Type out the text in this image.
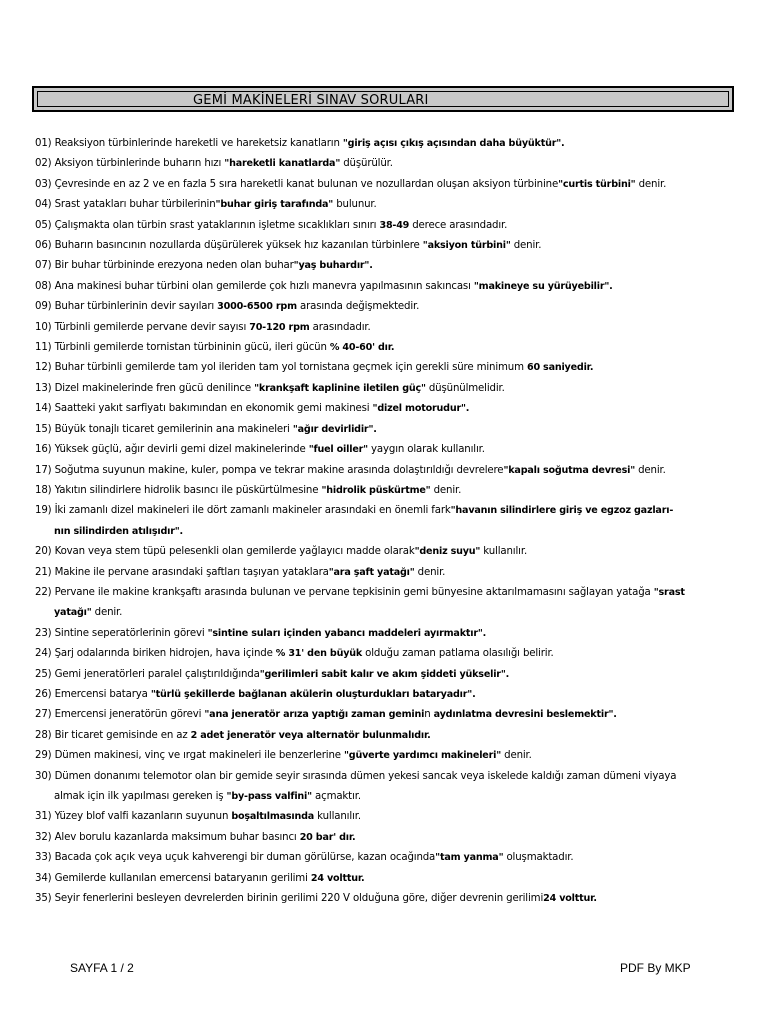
GEMİ MAKİNELERİ SINAV SORULARI
01) Reaksiyon türbinlerinde hareketli ve hareketsiz kanatların "giriş açısı çıkış açısından daha büyüktür".
02) Aksiyon türbinlerinde buharın hızı "hareketli kanatlarda" düşürülür.
03) Çevresinde en az 2 ve en fazla 5 sıra hareketli kanat bulunan ve nozullardan oluşan aksiyon türbinine"curtis türbini" denir.
04) Srast yatakları buhar türbilerinin"buhar giriş tarafında" bulunur.
05) Çalışmakta olan türbin srast yataklarının işletme sıcaklıkları sınırı 38-49 derece arasındadır.
06) Buharın basıncının nozullarda düşürülerek yüksek hız kazanılan türbinlere "aksiyon türbini" denir.
07) Bir buhar türbininde erezyona neden olan buhar"yaş buhardır".
08) Ana makinesi buhar türbini olan gemilerde çok hızlı manevra yapılmasının sakıncası "makineye su yürüyebilir".
09) Buhar türbinlerinin devir sayıları 3000-6500 rpm arasında değişmektedir.
10) Türbinli gemilerde pervane devir sayısı 70-120 rpm arasındadır.
11) Türbinli gemilerde tornistan türbininin gücü, ileri gücün % 40-60' dır.
12) Buhar türbinli gemilerde tam yol ileriden tam yol tornistana geçmek için gerekli süre minimum 60 saniyedir.
13) Dizel makinelerinde fren gücü denilince "krankşaft kaplinine iletilen güç" düşünülmelidir.
14) Saatteki yakıt sarfiyatı bakımından en ekonomik gemi makinesi "dizel motorudur".
15) Büyük tonajlı ticaret gemilerinin ana makineleri "ağır devirlidir".
16) Yüksek güçlü, ağır devirli gemi dizel makinelerinde "fuel oiller" yaygın olarak kullanılır.
17) Soğutma suyunun makine, kuler, pompa ve tekrar makine arasında dolaştırıldığı devrelere"kapalı soğutma devresi" denir.
18) Yakıtın silindirlere hidrolik basıncı ile püskürtülmesine "hidrolik püskürtme" denir.
19) İki zamanlı dizel makineleri ile dört zamanlı makineler arasındaki en önemli fark"havanın silindirlere giriş ve egzoz gazları-
nın silindirden atılışıdır".
20) Kovan veya stem tüpü pelesenkli olan gemilerde yağlayıcı madde olarak"deniz suyu" kullanılır.
21) Makine ile pervane arasındaki şaftları taşıyan yataklara"ara şaft yatağı" denir.
22) Pervane ile makine krankşaftı arasında bulunan ve pervane tepkisinin gemi bünyesine aktarılmamasını sağlayan yatağa "srast
yatağı" denir.
23) Sintine seperatörlerinin görevi "sintine suları içinden yabancı maddeleri ayırmaktır".
24) Şarj odalarında biriken hidrojen, hava içinde % 31' den büyük olduğu zaman patlama olasılığı belirir.
25) Gemi jeneratörleri paralel çalıştırıldığında"gerilimleri sabit kalır ve akım şiddeti yükselir".
26) Emercensi batarya "türlü şekillerde bağlanan akülerin oluşturdukları bataryadır".
27) Emercensi jeneratörün görevi "ana jeneratör arıza yaptığı zaman geminin aydınlatma devresini beslemektir".
28) Bir ticaret gemisinde en az 2 adet jeneratör veya alternatör bulunmalıdır.
29) Dümen makinesi, vinç ve ırgat makineleri ile benzerlerine "güverte yardımcı makineleri" denir.
30) Dümen donanımı telemotor olan bir gemide seyir sırasında dümen yekesi sancak veya iskelede kaldığı zaman dümeni viyaya
almak için ilk yapılması gereken iş "by-pass valfini" açmaktır.
31) Yüzey blof valfi kazanların suyunun boşaltılmasında kullanılır.
32) Alev borulu kazanlarda maksimum buhar basıncı 20 bar' dır.
33) Bacada çok açık veya uçuk kahverengi bir duman görülürse, kazan ocağında"tam yanma" oluşmaktadır.
34) Gemilerde kullanılan emercensi bataryanın gerilimi 24 volttur.
35) Seyir fenerlerini besleyen devrelerden birinin gerilimi 220 V olduğuna göre, diğer devrenin gerilimi24 volttur.
SAYFA 1 / 2	PDF By MKP
